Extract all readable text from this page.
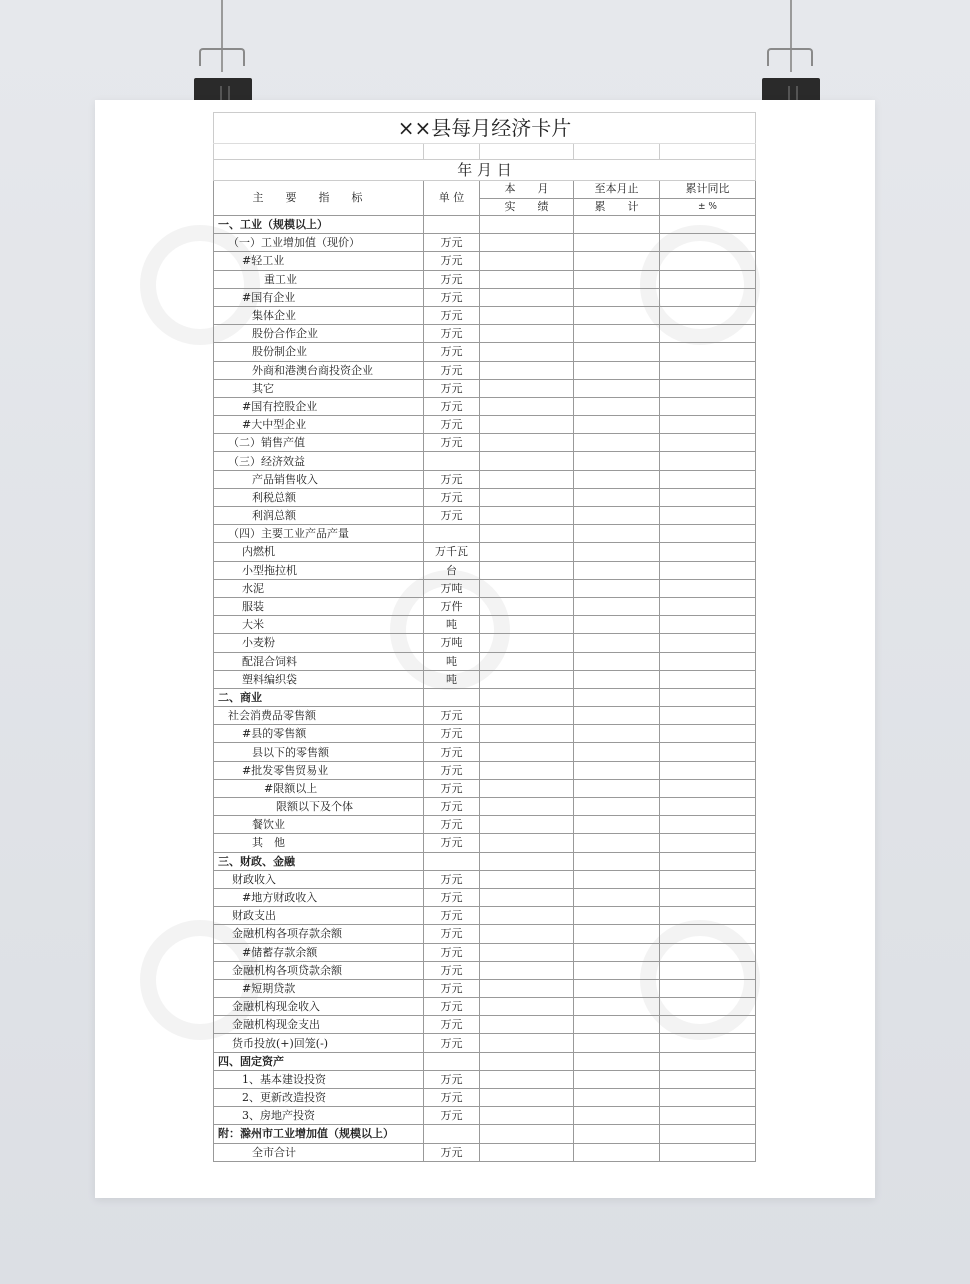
××县每月经济卡片				

年 月 日				
主要指标	单 位	本　　月	至本月止	累计同比
		实　　绩	累　　计	± %
一、工业（规模以上）				
（一）工业增加值（现价）	万元			
#轻工业	万元			
重工业	万元			
#国有企业	万元			
集体企业	万元			
股份合作企业	万元			
股份制企业	万元			
外商和港澳台商投资企业	万元			
其它	万元			
#国有控股企业	万元			
#大中型企业	万元			
（二）销售产值	万元			
（三）经济效益				
产品销售收入	万元			
利税总额	万元			
利润总额	万元			
（四）主要工业产品产量				
内燃机	万千瓦			
小型拖拉机	台			
水泥	万吨			
服装	万件			
大米	吨			
小麦粉	万吨			
配混合饲料	吨			
塑料编织袋	吨			
二、商业				
社会消费品零售额	万元			
#县的零售额	万元			
县以下的零售额	万元			
#批发零售贸易业	万元			
#限额以上	万元			
限额以下及个体	万元			
餐饮业	万元			
其　他	万元			
三、财政、金融				
财政收入	万元			
#地方财政收入	万元			
财政支出	万元			
金融机构各项存款余额	万元			
#储蓄存款余额	万元			
金融机构各项贷款余额	万元			
#短期贷款	万元			
金融机构现金收入	万元			
金融机构现金支出	万元			
货币投放(+)回笼(-)	万元			
四、固定资产				
1、基本建设投资	万元			
2、更新改造投资	万元			
3、房地产投资	万元			
附：滁州市工业增加值（规模以上）				
全市合计	万元			
